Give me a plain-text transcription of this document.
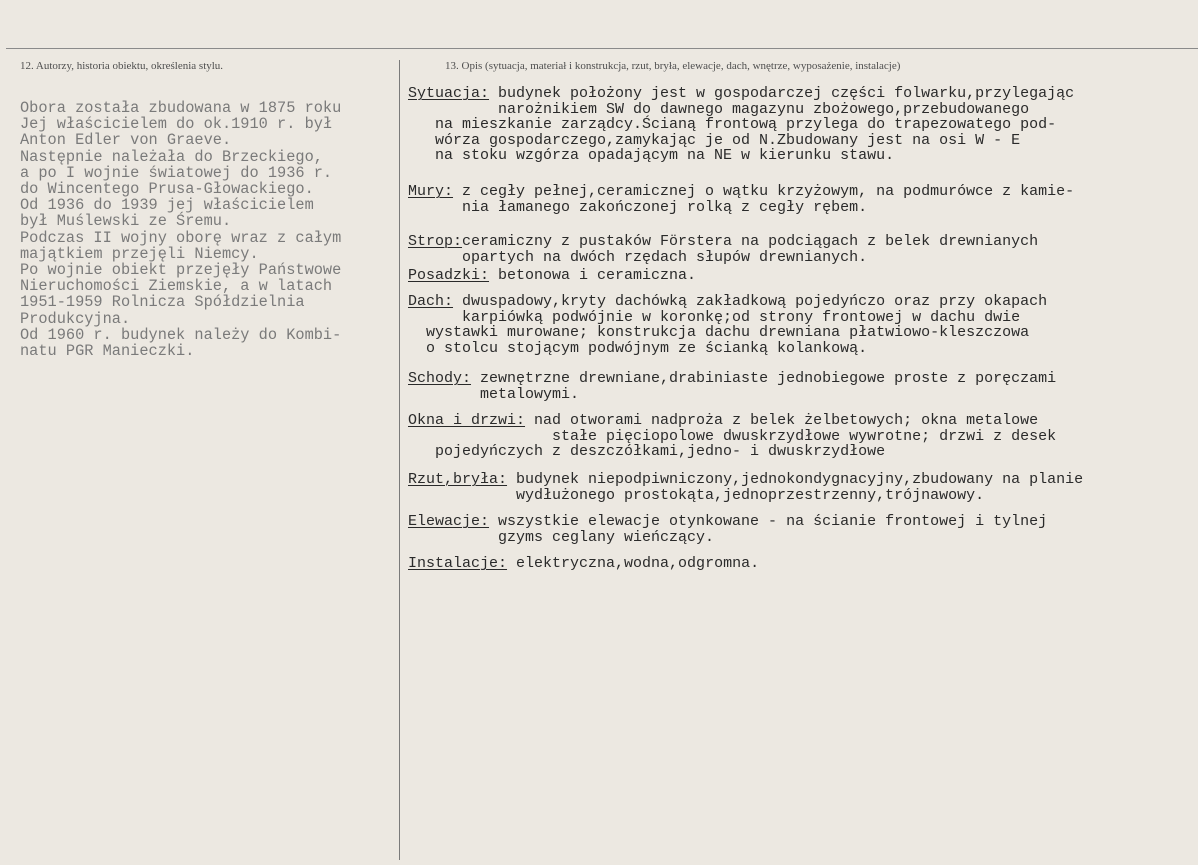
12. Autorzy, historia obiektu, określenia stylu.	13. Opis (sytuacja, materiał i konstrukcja, rzut, bryła, elewacje, dach, wnętrze, wyposażenie, instalacje)
Obora została zbudowana w 1875 roku
Jej właścicielem do ok.1910 r. był
Anton Edler von Graeve.
Następnie należała do Brzeckiego,
a po I wojnie światowej do 1936 r.
do Wincentego Prusa-Głowackiego.
Od 1936 do 1939 jej właścicielem
był Muślewski ze Śremu.
Podczas II wojny oborę wraz z całym
majątkiem przejęli Niemcy.
Po wojnie obiekt przejęły Państwowe
Nieruchomości Ziemskie, a w latach
1951-1959 Rolnicza Spółdzielnia
Produkcyjna.
Od 1960 r. budynek należy do Kombi-
natu PGR Manieczki.
Sytuacja: budynek położony jest w gospodarczej części folwarku,przylegając
narożnikiem SW do dawnego magazynu zbożowego,przebudowanego
na mieszkanie zarządcy.Ścianą frontową przylega do trapezowatego pod-
wórza gospodarczego,zamykając je od N.Zbudowany jest na osi W - E
na stoku wzgórza opadającym na NE w kierunku stawu.
Mury: z cegły pełnej,ceramicznej o wątku krzyżowym, na podmurówce z kamie-
nia łamanego zakończonej rolką z cegły rębem.
Strop:ceramiczny z pustaków Förstera na podciągach z belek drewnianych
opartych na dwóch rzędach słupów drewnianych.
Posadzki: betonowa i ceramiczna.
Dach: dwuspadowy,kryty dachówką zakładkową pojedyńczo oraz przy okapach
karpiówką podwójnie w koronkę;od strony frontowej w dachu dwie
wystawki murowane; konstrukcja dachu drewniana płatwiowo-kleszczowa
o stolcu stojącym podwójnym ze ścianką kolankową.
Schody: zewnętrzne drewniane,drabiniaste jednobiegowe proste z poręczami
metalowymi.
Okna i drzwi: nad otworami nadproża z belek żelbetowych; okna metalowe
stałe pięciopolowe dwuskrzydłowe wywrotne; drzwi z desek
pojedyńczych z deszczółkami,jedno- i dwuskrzydłowe
Rzut,bryła: budynek niepodpiwniczony,jednokondygnacyjny,zbudowany na planie
wydłużonego prostokąta,jednoprzestrzenny,trójnawowy.
Elewacje: wszystkie elewacje otynkowane - na ścianie frontowej i tylnej
gzyms ceglany wieńczący.
Instalacje: elektryczna,wodna,odgromna.
